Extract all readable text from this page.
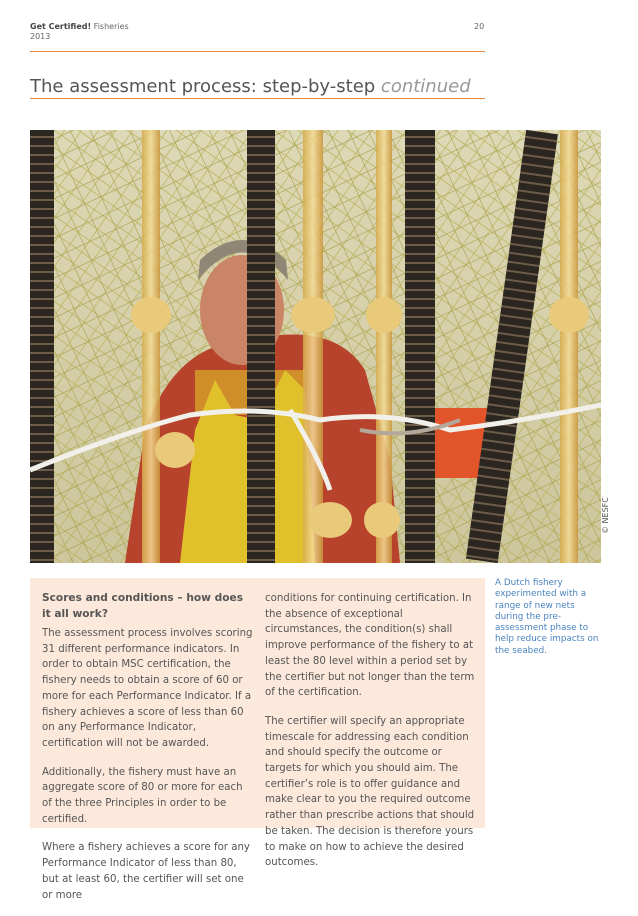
Get Certified! Fisheries
2013
20
The assessment process: step-by-step continued
© NESFC
A Dutch fishery experimented with a range of new nets during the pre-assessment phase to help reduce impacts on the seabed.
Scores and conditions – how does it all work?

The assessment process involves scoring 31 different performance indicators. In order to obtain MSC certification, the fishery needs to obtain a score of 60 or more for each Performance Indicator. If a fishery achieves a score of less than 60 on any Performance Indicator, certification will not be awarded.

Additionally, the fishery must have an aggregate score of 80 or more for each of the three Principles in order to be certified.

Where a fishery achieves a score for any Performance Indicator of less than 80, but at least 60, the certifier will set one or more

conditions for continuing certification. In the absence of exceptional circumstances, the condition(s) shall improve performance of the fishery to at least the 80 level within a period set by the certifier but not longer than the term of the certification.

The certifier will specify an appropriate timescale for addressing each condition and should specify the outcome or targets for which you should aim. The certifier’s role is to offer guidance and make clear to you the required outcome rather than prescribe actions that should be taken. The decision is therefore yours to make on how to achieve the desired outcomes.
